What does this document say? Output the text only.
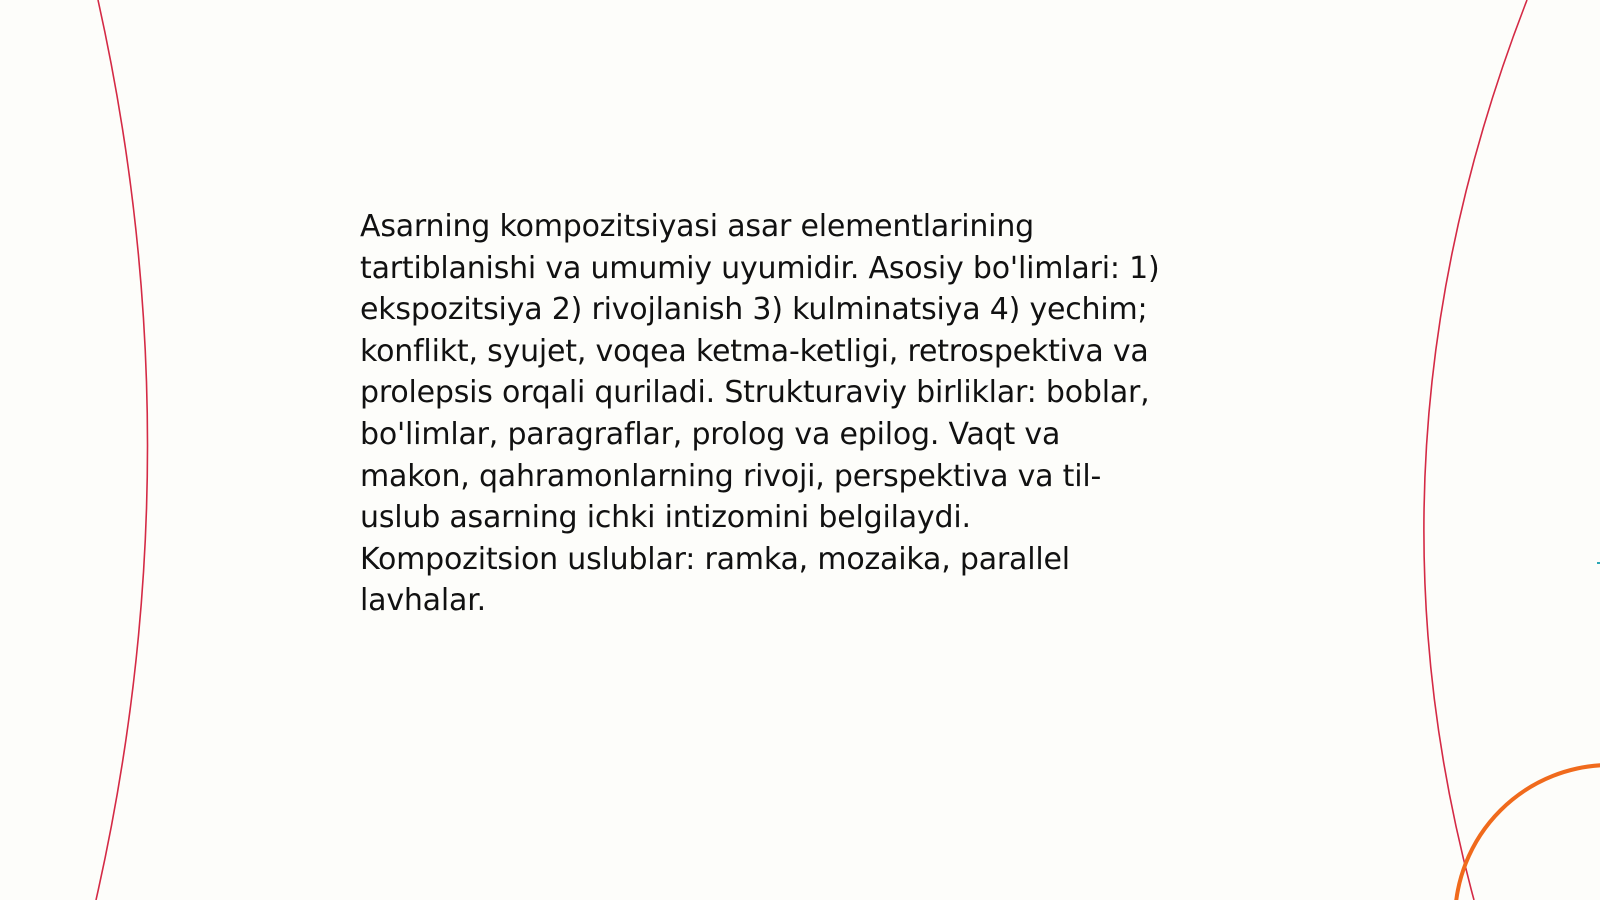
Asarning kompozitsiyasi asar elementlarining
tartiblanishi va umumiy uyumidir. Asosiy bo'limlari: 1)
ekspozitsiya 2) rivojlanish 3) kulminatsiya 4) yechim;
konflikt, syujet, voqea ketma-ketligi, retrospektiva va
prolepsis orqali quriladi. Strukturaviy birliklar: boblar,
bo'limlar, paragraflar, prolog va epilog. Vaqt va
makon, qahramonlarning rivoji, perspektiva va til-
uslub asarning ichki intizomini belgilaydi.
Kompozitsion uslublar: ramka, mozaika, parallel
lavhalar.
